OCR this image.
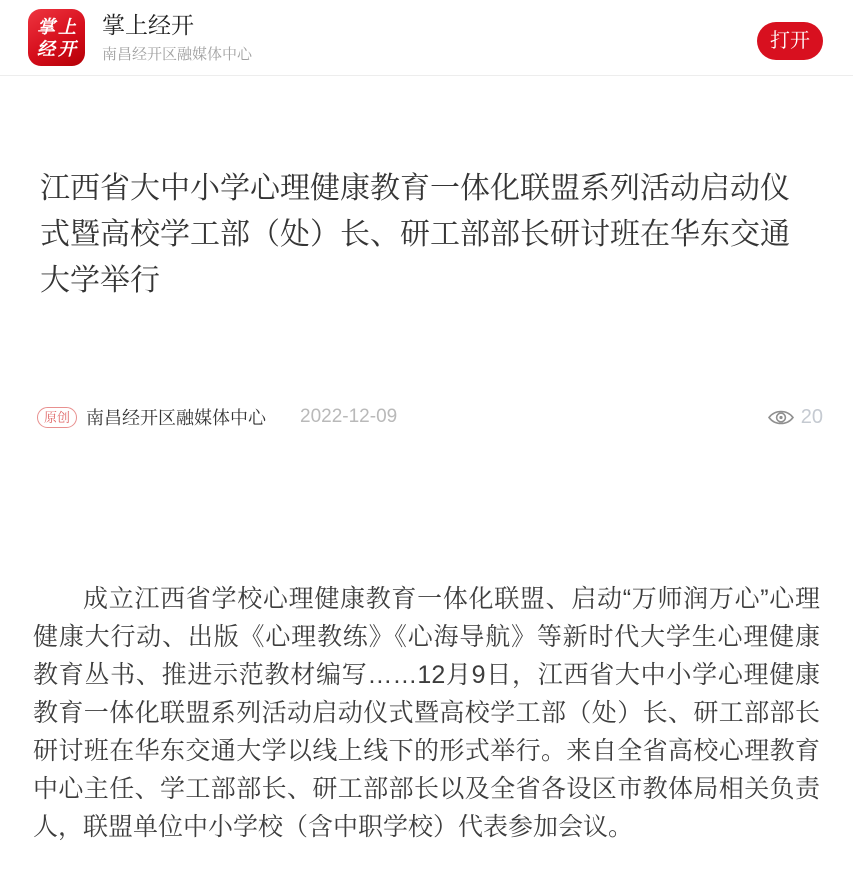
掌上
经开
掌上经开
南昌经开区融媒体中心
打开
江西省大中小学心理健康教育一体化联盟系列活动启动仪式暨高校学工部（处）长、研工部部长研讨班在华东交通大学举行
原创 南昌经开区融媒体中心 2022-12-09	20

成立江西省学校心理健康教育一体化联盟、启动“万师润万心”心理健康大行动、出版《心理教练》《心海导航》等新时代大学生心理健康教育丛书、推进示范教材编写……12月9日，江西省大中小学心理健康教育一体化联盟系列活动启动仪式暨高校学工部（处）长、研工部部长研讨班在华东交通大学以线上线下的形式举行。来自全省高校心理教育中心主任、学工部部长、研工部部长以及全省各设区市教体局相关负责人，联盟单位中小学校（含中职学校）代表参加会议。
